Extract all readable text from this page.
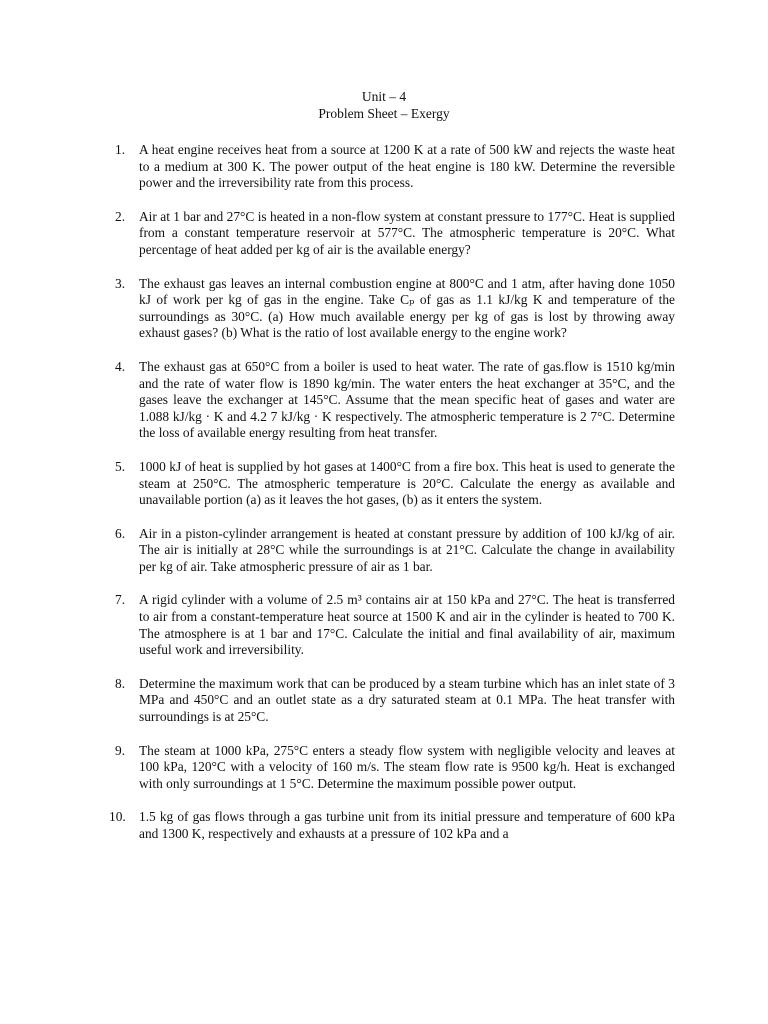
Unit – 4
Problem Sheet – Exergy
1.	A heat engine receives heat from a source at 1200 K at a rate of 500 kW and rejects the waste heat to a medium at 300 K. The power output of the heat engine is 180 kW. Determine the reversible power and the irreversibility rate from this process.
2.	Air at 1 bar and 27°C is heated in a non-flow system at constant pressure to 177°C. Heat is supplied from a constant temperature reservoir at 577°C. The atmospheric temperature is 20°C. What percentage of heat added per kg of air is the available energy?
3.	The exhaust gas leaves an internal combustion engine at 800°C and 1 atm, after having done 1050 kJ of work per kg of gas in the engine. Take Cₚ of gas as 1.1 kJ/kg K and temperature of the surroundings as 30°C. (a) How much available energy per kg of gas is lost by throwing away exhaust gases? (b) What is the ratio of lost available energy to the engine work?
4.	The exhaust gas at 650°C from a boiler is used to heat water. The rate of gas.flow is 1510 kg/min and the rate of water flow is 1890 kg/min. The water enters the heat exchanger at 35°C, and the gases leave the exchanger at 145°C. Assume that the mean specific heat of gases and water are 1.088 kJ/kg · K and 4.2 7 kJ/kg · K respectively. The atmospheric temperature is 2 7°C. Determine the loss of available energy resulting from heat transfer.
5.	1000 kJ of heat is supplied by hot gases at 1400°C from a fire box. This heat is used to generate the steam at 250°C. The atmospheric temperature is 20°C. Calculate the energy as available and unavailable portion (a) as it leaves the hot gases, (b) as it enters the system.
6.	Air in a piston-cylinder arrangement is heated at constant pressure by addition of 100 kJ/kg of air. The air is initially at 28°C while the surroundings is at 21°C. Calculate the change in availability per kg of air. Take atmospheric pressure of air as 1 bar.
7.	A rigid cylinder with a volume of 2.5 m³ contains air at 150 kPa and 27°C. The heat is transferred to air from a constant-temperature heat source at 1500 K and air in the cylinder is heated to 700 K. The atmosphere is at 1 bar and 17°C. Calculate the initial and final availability of air, maximum useful work and irreversibility.
8.	Determine the maximum work that can be produced by a steam turbine which has an inlet state of 3 MPa and 450°C and an outlet state as a dry saturated steam at 0.1 MPa. The heat transfer with surroundings is at 25°C.
9.	The steam at 1000 kPa, 275°C enters a steady flow system with negligible velocity and leaves at 100 kPa, 120°C with a velocity of 160 m/s. The steam flow rate is 9500 kg/h. Heat is exchanged with only surroundings at 1 5°C. Determine the maximum possible power output.
10. 1.5 kg of gas flows through a gas turbine unit from its initial pressure and temperature of 600 kPa and 1300 K, respectively and exhausts at a pressure of 102 kPa and a
